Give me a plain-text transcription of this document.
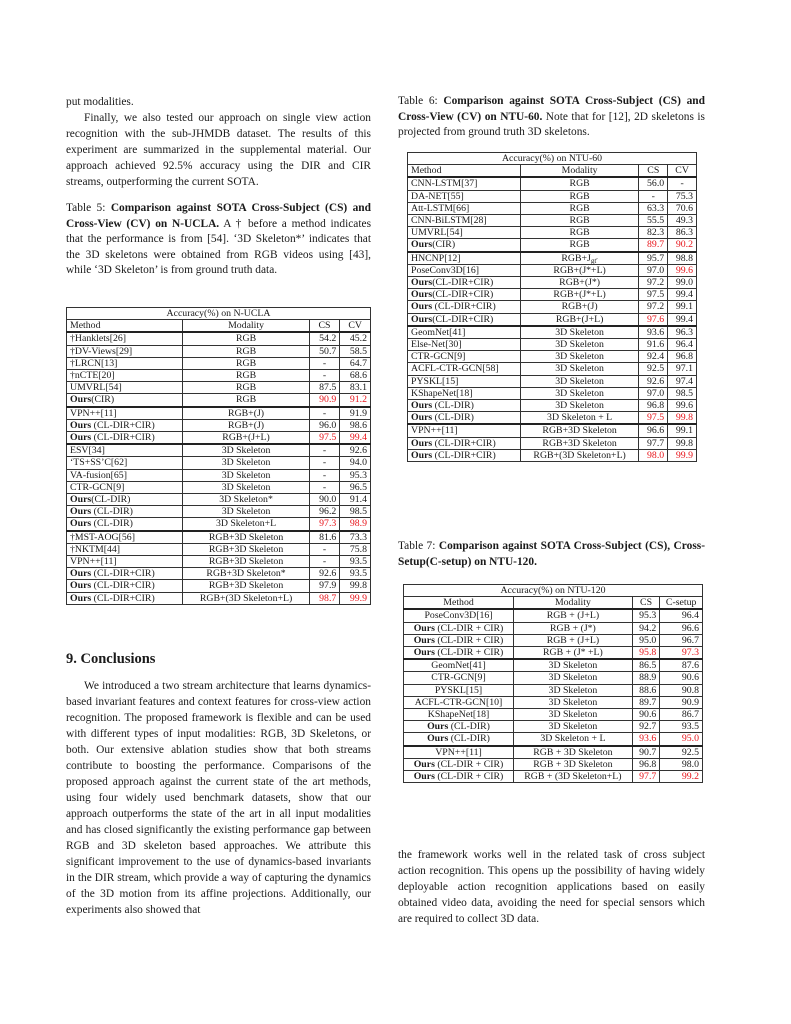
put modalities.

Finally, we also tested our approach on single view action recognition with the sub-JHMDB dataset. The results of this experiment are summarized in the supplemental material. Our approach achieved 92.5% accuracy using the DIR and CIR streams, outperforming the current SOTA.

Table 5: Comparison against SOTA Cross-Subject (CS) and Cross-View (CV) on N-UCLA. A † before a method indicates that the performance is from [54]. ‘3D Skeleton*’ indicates that the 3D skeletons were obtained from RGB videos using [43], while ‘3D Skeleton’ is from ground truth data.
Accuracy(%) on N-UCLA			
Method	Modality	CS	CV
†Hanklets[26]	RGB	54.2	45.2
†DV-Views[29]	RGB	50.7	58.5
†LRCN[13]	RGB	-	64.7
†nCTE[20]	RGB	-	68.6
UMVRL[54]	RGB	87.5	83.1
Ours(CIR)	RGB	90.9	91.2
VPN++[11]	RGB+(J)	-	91.9
Ours (CL-DIR+CIR)	RGB+(J)	96.0	98.6
Ours (CL-DIR+CIR)	RGB+(J+L)	97.5	99.4
ESV[34]	3D Skeleton	-	92.6
‘TS+SS’C[62]	3D Skeleton	-	94.0
VA-fusion[65]	3D Skeleton	-	95.3
CTR-GCN[9]	3D Skeleton	-	96.5
Ours(CL-DIR)	3D Skeleton*	90.0	91.4
Ours (CL-DIR)	3D Skeleton	96.2	98.5
Ours (CL-DIR)	3D Skeleton+L	97.3	98.9
†MST-AOG[56]	RGB+3D Skeleton	81.6	73.3
†NKTM[44]	RGB+3D Skeleton	-	75.8
VPN++[11]	RGB+3D Skeleton	-	93.5
Ours (CL-DIR+CIR)	RGB+3D Skeleton*	92.6	93.5
Ours (CL-DIR+CIR)	RGB+3D Skeleton	97.9	99.8
Ours (CL-DIR+CIR)	RGB+(3D Skeleton+L)	98.7	99.9
9. Conclusions

We introduced a two stream architecture that learns dynamics-based invariant features and context features for cross-view action recognition. The proposed framework is flexible and can be used with different types of input modalities: RGB, 3D Skeletons, or both. Our extensive ablation studies show that both streams contribute to boosting the performance. Comparisons of the proposed approach against the current state of the art methods, using four widely used benchmark datasets, show that our approach outperforms the state of the art in all input modalities and has closed significantly the existing performance gap between RGB and 3D skeleton based approaches. We attribute this significant improvement to the use of dynamics-based invariants in the DIR stream, which provide a way of capturing the dynamics of the 3D motion from its affine projections. Additionally, our experiments also showed that

Table 6: Comparison against SOTA Cross-Subject (CS) and Cross-View (CV) on NTU-60. Note that for [12], 2D skeletons is projected from ground truth 3D skeletons.
Accuracy(%) on NTU-60			
Method	Modality	CS	CV
CNN-LSTM[37]	RGB	56.0	-
DA-NET[55]	RGB	-	75.3
Att-LSTM[66]	RGB	63.3	70.6
CNN-BiLSTM[28]	RGB	55.5	49.3
UMVRL[54]	RGB	82.3	86.3
Ours(CIR)	RGB	89.7	90.2
HNCNP[12]	$RGB+J_{gt'}$	95.7	98.8
PoseConv3D[16]	RGB+(J*+L)	97.0	99.6
Ours(CL-DIR+CIR)	RGB+(J*)	97.2	99.0
Ours(CL-DIR+CIR)	RGB+(J*+L)	97.5	99.4
Ours (CL-DIR+CIR)	RGB+(J)	97.2	99.1
Ours(CL-DIR+CIR)	RGB+(J+L)	97.6	99.4
GeomNet[41]	3D Skeleton	93.6	96.3
Else-Net[30]	3D Skeleton	91.6	96.4
CTR-GCN[9]	3D Skeleton	92.4	96.8
ACFL-CTR-GCN[58]	3D Skeleton	92.5	97.1
PYSKL[15]	3D Skeleton	92.6	97.4
KShapeNet[18]	3D Skeleton	97.0	98.5
Ours (CL-DIR)	3D Skeleton	96.8	99.6
Ours (CL-DIR)	3D Skeleton + L	97.5	99.8
VPN++[11]	RGB+3D Skeleton	96.6	99.1
Ours (CL-DIR+CIR)	RGB+3D Skeleton	97.7	99.8
Ours (CL-DIR+CIR)	RGB+(3D Skeleton+L)	98.0	99.9
Table 7: Comparison against SOTA Cross-Subject (CS), Cross-Setup(C-setup) on NTU-120.
Accuracy(%) on NTU-120			
Method	Modality	CS	C-setup
PoseConv3D[16]	RGB + (J+L)	95.3	96.4
Ours (CL-DIR + CIR)	RGB + (J*)	94.2	96.6
Ours (CL-DIR + CIR)	RGB + (J+L)	95.0	96.7
Ours (CL-DIR + CIR)	RGB + (J* +L)	95.8	97.3
GeomNet[41]	3D Skeleton	86.5	87.6
CTR-GCN[9]	3D Skeleton	88.9	90.6
PYSKL[15]	3D Skeleton	88.6	90.8
ACFL-CTR-GCN[10]	3D Skeleton	89.7	90.9
KShapeNet[18]	3D Skeleton	90.6	86.7
Ours (CL-DIR)	3D Skeleton	92.7	93.5
Ours (CL-DIR)	3D Skeleton + L	93.6	95.0
VPN++[11]	RGB + 3D Skeleton	90.7	92.5
Ours (CL-DIR + CIR)	RGB + 3D Skeleton	96.8	98.0
Ours (CL-DIR + CIR)	RGB + (3D Skeleton+L)	97.7	99.2

the framework works well in the related task of cross subject action recognition. This opens up the possibility of having widely deployable action recognition applications based on easily obtained video data, avoiding the need for special sensors which are required to collect 3D data.
